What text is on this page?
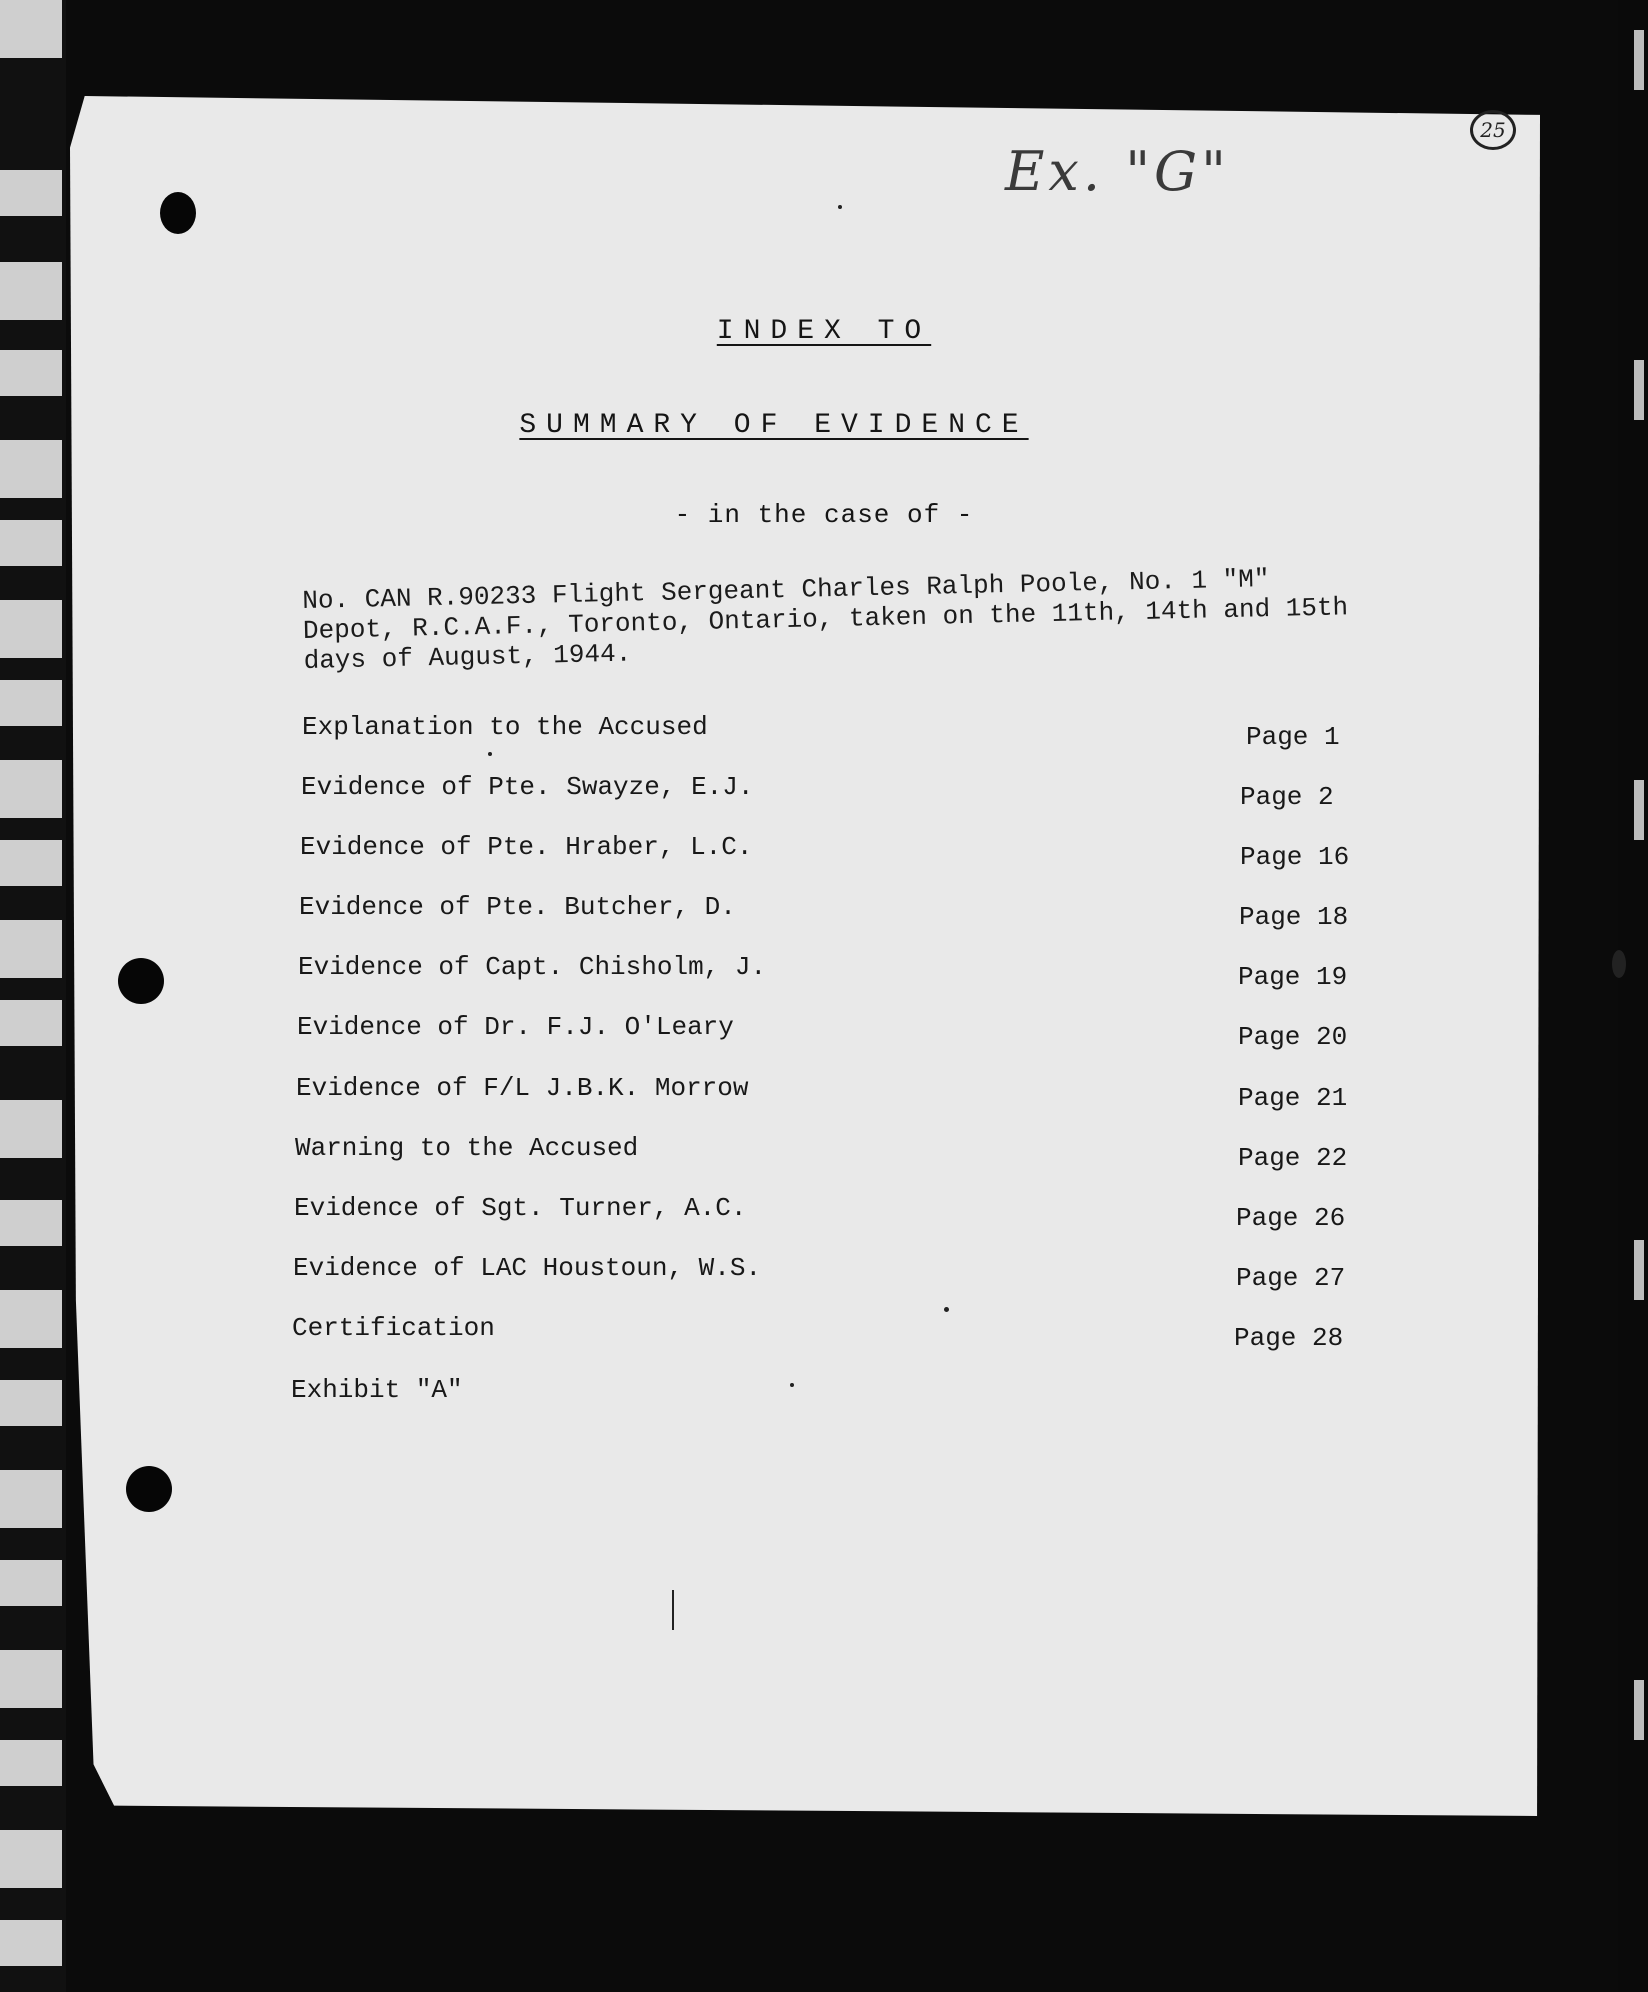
Ex. "G"
25
INDEX TO
SUMMARY OF EVIDENCE
- in the case of -
No. CAN R.90233 Flight Sergeant Charles Ralph Poole, No. 1 "M" Depot, R.C.A.F., Toronto, Ontario, taken on the 11th, 14th and 15th days of August, 1944.
Explanation to the Accused	Page 1
Evidence of Pte. Swayze, E.J.	Page 2
Evidence of Pte. Hraber, L.C.	Page 16
Evidence of Pte. Butcher, D.	Page 18
Evidence of Capt. Chisholm, J.	Page 19
Evidence of Dr. F.J. O'Leary	Page 20
Evidence of F/L J.B.K. Morrow	Page 21
Warning to the Accused	Page 22
Evidence of Sgt. Turner, A.C.	Page 26
Evidence of LAC Houstoun, W.S.	Page 27
Certification	Page 28
Exhibit "A"
